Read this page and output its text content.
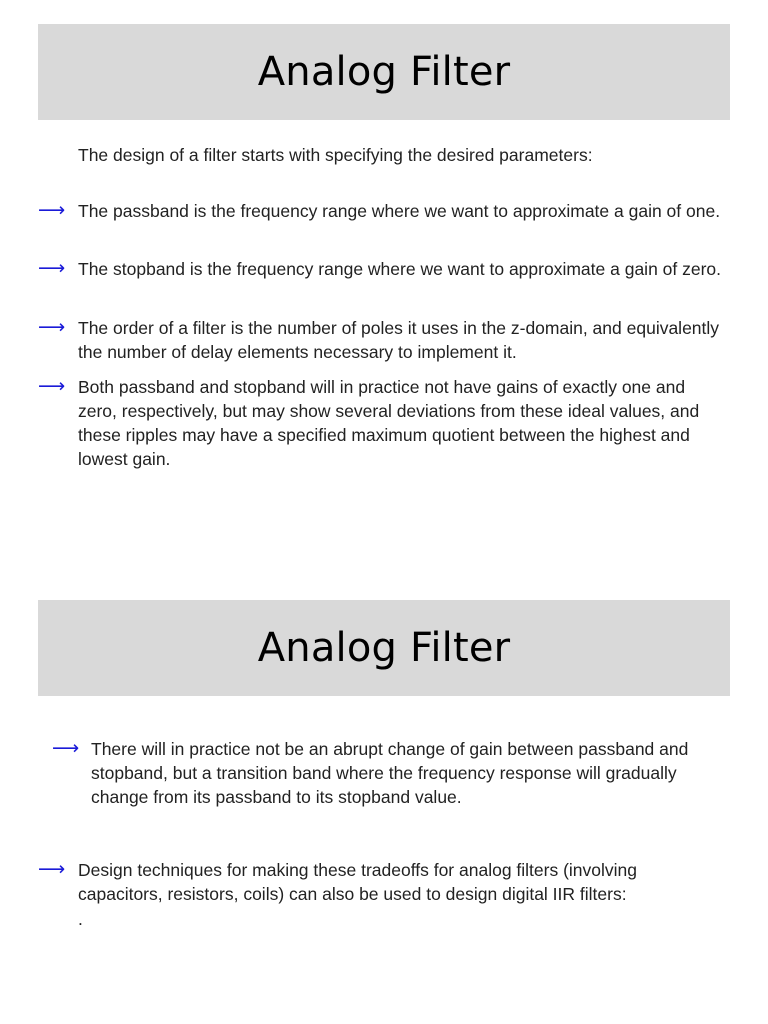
Analog Filter

The design of a filter starts with specifying the desired parameters:

⟶ The passband is the frequency range where we want to approximate a gain of one.

⟶ The stopband is the frequency range where we want to approximate a gain of zero.

⟶ The order of a filter is the number of poles it uses in the z-domain, and equivalently the number of delay elements necessary to implement it.

⟶ Both passband and stopband will in practice not have gains of exactly one and zero, respectively, but may show several deviations from these ideal values, and these ripples may have a specified maximum quotient between the highest and lowest gain.

Analog Filter
⟶ There will in practice not be an abrupt change of gain between passband and stopband, but a transition band where the frequency response will gradually change from its passband to its stopband value.

⟶ Design techniques for making these tradeoffs for analog filters (involving capacitors, resistors, coils) can also be used to design digital IIR filters:

.
